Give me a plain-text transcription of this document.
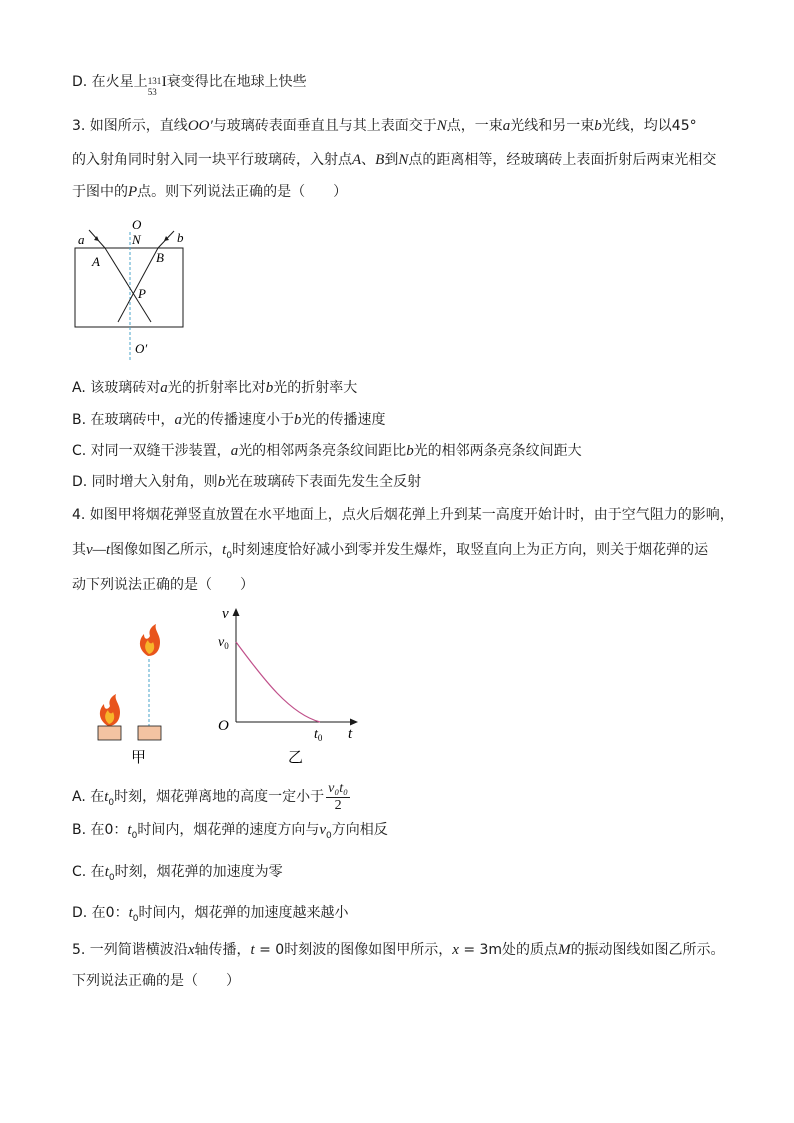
D. 在火星上 131
53
I衰变得比在地球上快些
3. 如图所示，直线OO′与玻璃砖表面垂直且与其上表面交于N点，一束a光线和另一束b光线，均以45°
的入射角同时射入同一块平行玻璃砖，入射点A、B到N点的距离相等，经玻璃砖上表面折射后两束光相交
于图中的P点。则下列说法正确的是（　　）
O
N
a	b
A	B
P
O′
A. 该玻璃砖对a光的折射率比对b光的折射率大
B. 在玻璃砖中，a光的传播速度小于b光的传播速度
C. 对同一双缝干涉装置，a光的相邻两条亮条纹间距比b光的相邻两条亮条纹间距大
D. 同时增大入射角，则b光在玻璃砖下表面先发生全反射
4. 如图甲将烟花弹竖直放置在水平地面上，点火后烟花弹上升到某一高度开始计时，由于空气阻力的影响，
其v—t图像如图乙所示，$t_0$时刻速度恰好减小到零并发生爆炸，取竖直向上为正方向，则关于烟花弹的运
动下列说法正确的是（　　）
甲
v
$v_0$
O
$t_0$ t
乙
A. 在$t_0$时刻，烟花弹离地的高度一定小于 $\frac{\text{v₀t₀}}{2}$
B. 在0：$t_0$时间内，烟花弹的速度方向与$v_0$方向相反
C. 在$t_0$时刻，烟花弹的加速度为零
D. 在0：$t_0$时间内，烟花弹的加速度越来越小
5. 一列简谐横波沿x轴传播，t = 0时刻波的图像如图甲所示，x = 3m处的质点M的振动图线如图乙所示。
下列说法正确的是（　　）
